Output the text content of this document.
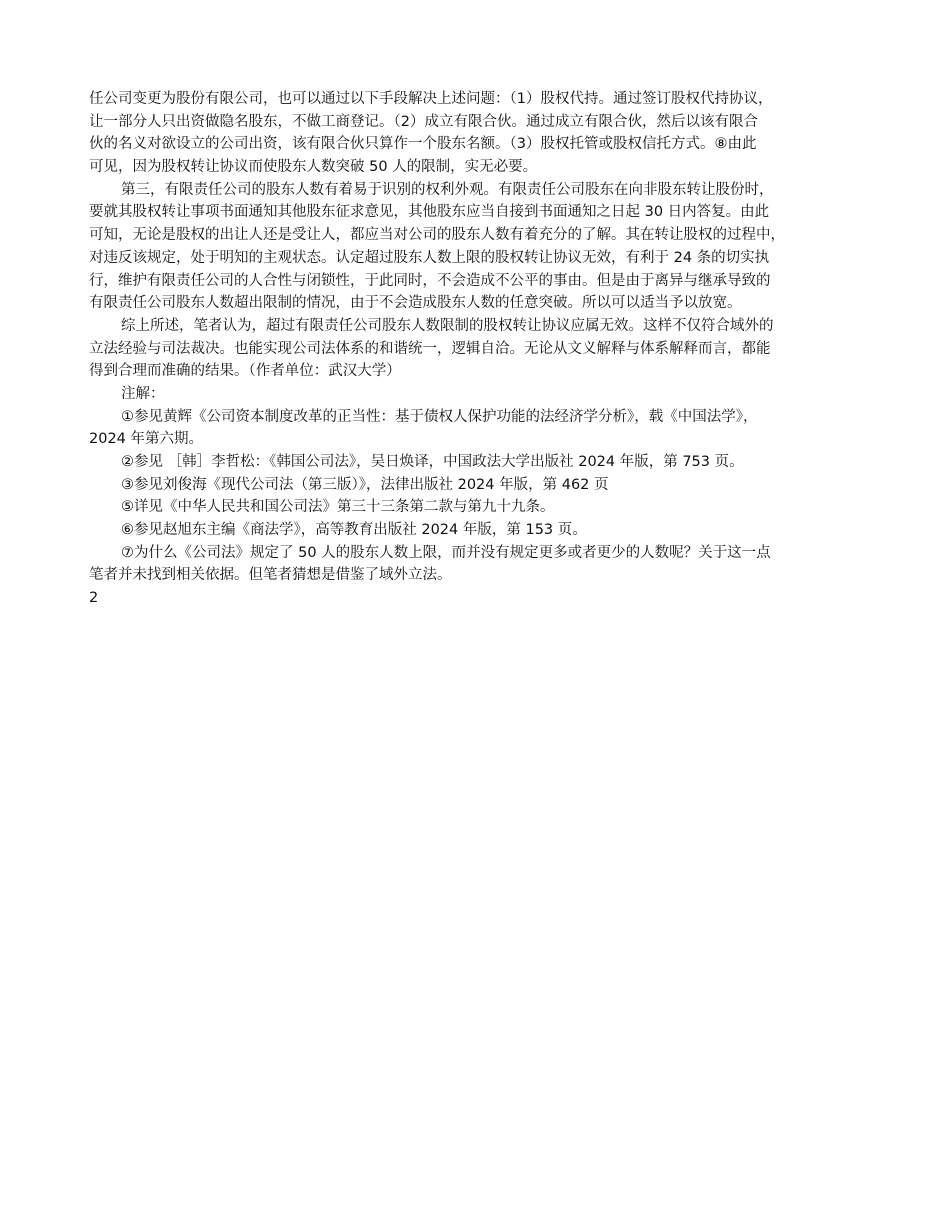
任公司变更为股份有限公司，也可以通过以下手段解决上述问题：（1）股权代持。通过签订股权代持协议，
让一部分人只出资做隐名股东，不做工商登记。（2）成立有限合伙。通过成立有限合伙，然后以该有限合
伙的名义对欲设立的公司出资，该有限合伙只算作一个股东名额。（3）股权托管或股权信托方式。⑧由此
可见，因为股权转让协议而使股东人数突破 50 人的限制，实无必要。
第三，有限责任公司的股东人数有着易于识别的权利外观。有限责任公司股东在向非股东转让股份时，
要就其股权转让事项书面通知其他股东征求意见，其他股东应当自接到书面通知之日起 30 日内答复。由此
可知，无论是股权的出让人还是受让人，都应当对公司的股东人数有着充分的了解。其在转让股权的过程中，
对违反该规定，处于明知的主观状态。认定超过股东人数上限的股权转让协议无效，有利于 24 条的切实执
行，维护有限责任公司的人合性与闭锁性，于此同时，不会造成不公平的事由。但是由于离异与继承导致的
有限责任公司股东人数超出限制的情况，由于不会造成股东人数的任意突破。所以可以适当予以放宽。
综上所述，笔者认为，超过有限责任公司股东人数限制的股权转让协议应属无效。这样不仅符合域外的
立法经验与司法裁决。也能实现公司法体系的和谐统一，逻辑自洽。无论从文义解释与体系解释而言，都能
得到合理而准确的结果。（作者单位：武汉大学）
注解：
①参见黄辉《公司资本制度改革的正当性：基于债权人保护功能的法经济学分析》，载《中国法学》，
2024 年第六期。
②参见 ［韩］李哲松：《韩国公司法》，吴日焕译，中国政法大学出版社 2024 年版，第 753 页。
③参见刘俊海《现代公司法（第三版）》，法律出版社 2024 年版，第 462 页
⑤详见《中华人民共和国公司法》第三十三条第二款与第九十九条。
⑥参见赵旭东主编《商法学》，高等教育出版社 2024 年版，第 153 页。
⑦为什么《公司法》规定了 50 人的股东人数上限，而并没有规定更多或者更少的人数呢？关于这一点
笔者并未找到相关依据。但笔者猜想是借鉴了域外立法。
2
